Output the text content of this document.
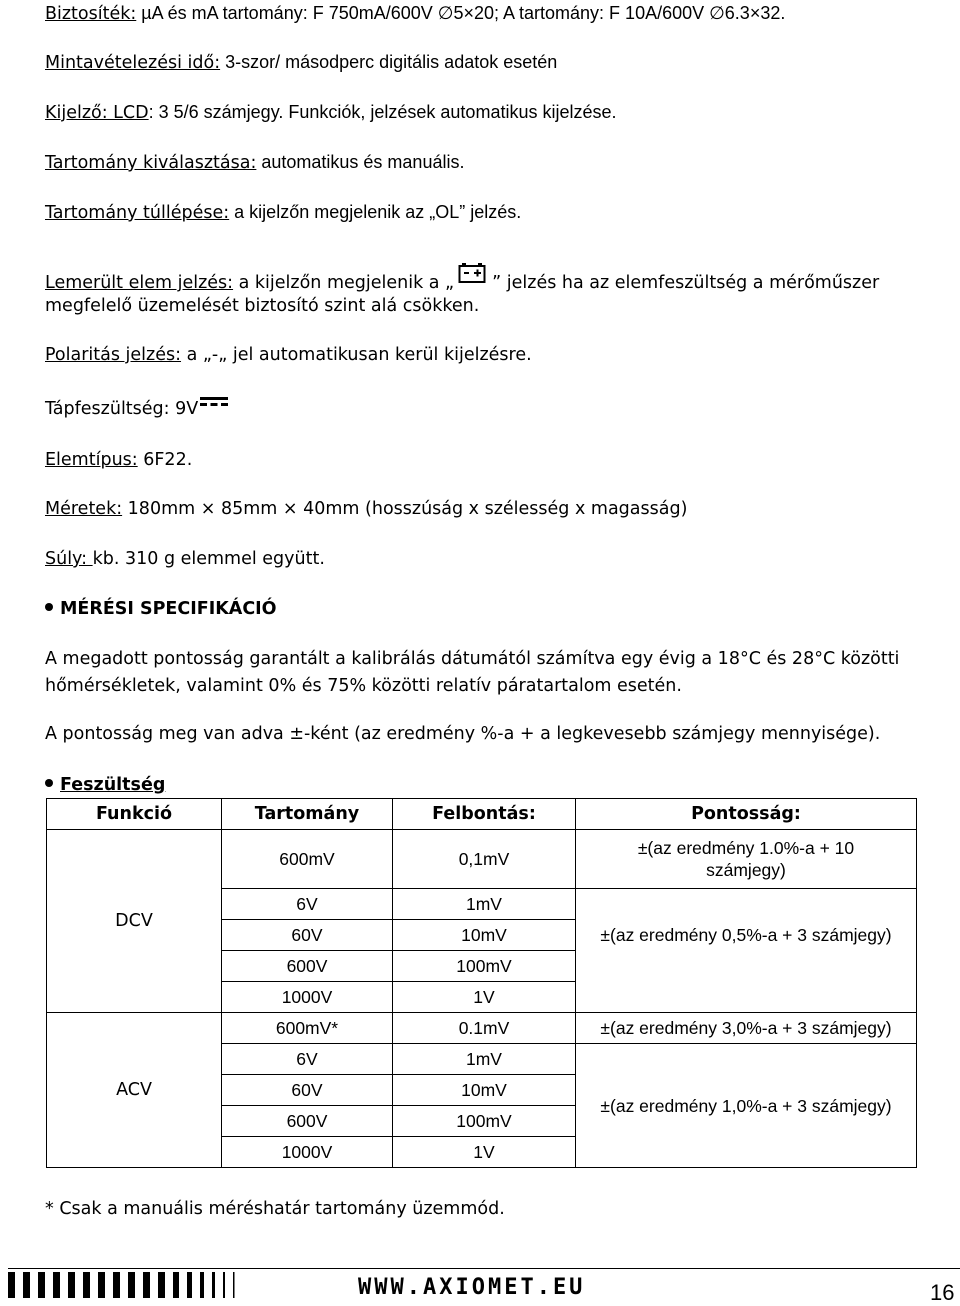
Biztosíték: µA és mA tartomány: F 750mA/600V ∅5×20; A tartomány: F 10A/600V ∅6.3×32.
Mintavételezési idő: 3-szor/ másodperc digitális adatok esetén
Kijelző: LCD: 3 5/6 számjegy. Funkciók, jelzések automatikus kijelzése.
Tartomány kiválasztása: automatikus és manuális.
Tartomány túllépése: a kijelzőn megjelenik az „OL” jelzés.
Lemerült elem jelzés: a kijelzőn megjelenik a „ ” jelzés ha az elemfeszültség a mérőműszer
megfelelő üzemelését biztosító szint alá csökken.
Polaritás jelzés: a „-„ jel automatikusan kerül kijelzésre.
Tápfeszültség: 9V
Elemtípus: 6F22.
Méretek: 180mm × 85mm × 40mm (hosszúság x szélesség x magasság)
Súly: kb. 310 g elemmel együtt.
MÉRÉSI SPECIFIKÁCIÓ
A megadott pontosság garantált a kalibrálás dátumától számítva egy évig a 18°C és 28°C közötti
hőmérsékletek, valamint 0% és 75% közötti relatív páratartalom esetén.
A pontosság meg van adva ±-ként (az eredmény %-a + a legkevesebb számjegy mennyisége).
Feszültség
Funkció	Tartomány	Felbontás:	Pontosság:
DCV	600mV	0,1mV	±(az eredmény 1.0%-a + 10
számjegy)

	6V	1mV	±(az eredmény 0,5%-a + 3 számjegy)
	60V	10mV	
	600V	100mV	
	1000V	1V	
ACV	600mV*	0.1mV	±(az eredmény 3,0%-a + 3 számjegy)
	6V	1mV	±(az eredmény 1,0%-a + 3 számjegy)
	60V	10mV	
	600V	100mV	
	1000V	1V	
* Csak a manuális méréshatár tartomány üzemmód.
WWW.AXIOMET.EU	16
